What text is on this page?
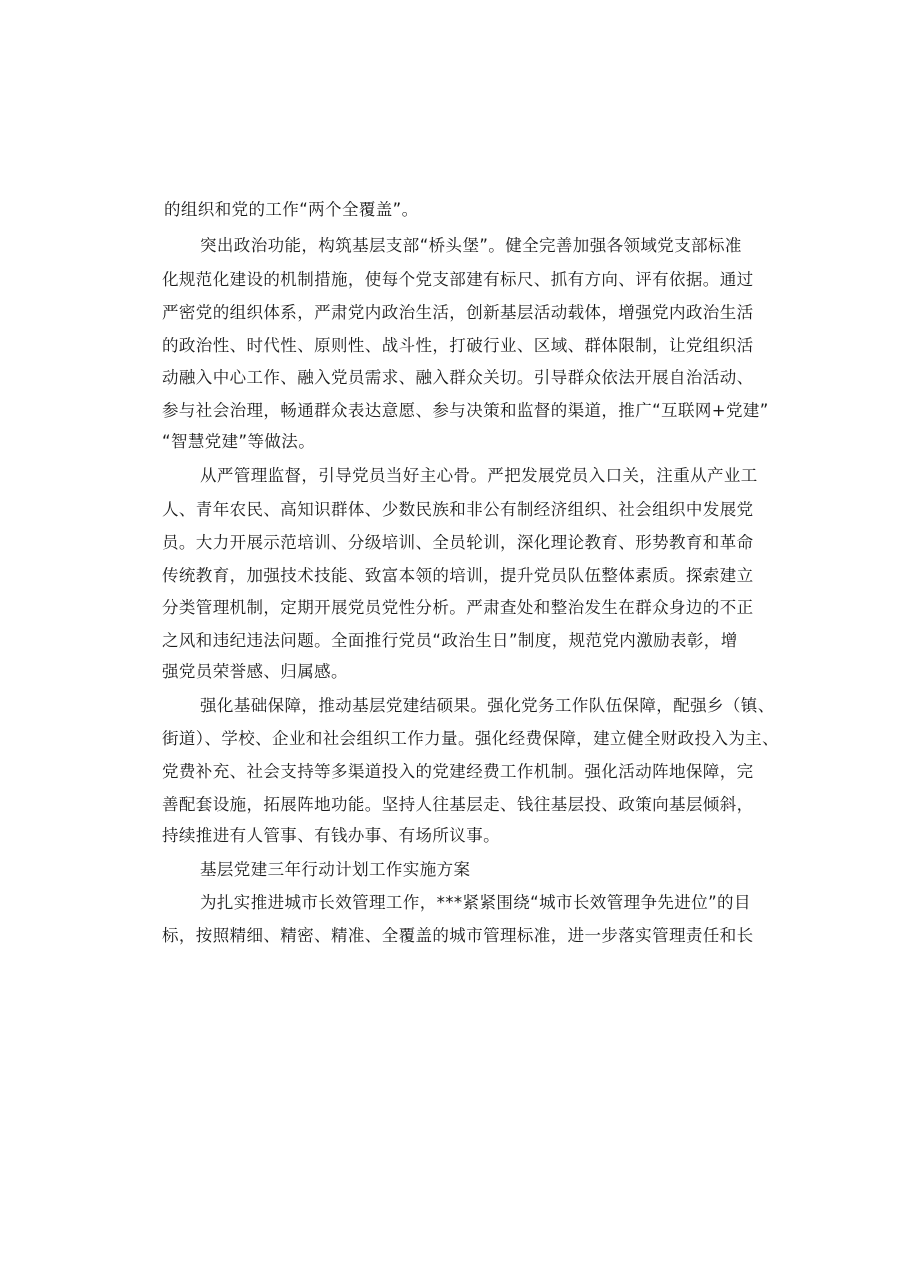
的组织和党的工作“两个全覆盖”。
突出政治功能，构筑基层支部“桥头堡”。健全完善加强各领域党支部标准
化规范化建设的机制措施，使每个党支部建有标尺、抓有方向、评有依据。通过
严密党的组织体系，严肃党内政治生活，创新基层活动载体，增强党内政治生活
的政治性、时代性、原则性、战斗性，打破行业、区域、群体限制，让党组织活
动融入中心工作、融入党员需求、融入群众关切。引导群众依法开展自治活动、
参与社会治理，畅通群众表达意愿、参与决策和监督的渠道，推广“互联网+党建”
“智慧党建”等做法。
从严管理监督，引导党员当好主心骨。严把发展党员入口关，注重从产业工
人、青年农民、高知识群体、少数民族和非公有制经济组织、社会组织中发展党
员。大力开展示范培训、分级培训、全员轮训，深化理论教育、形势教育和革命
传统教育，加强技术技能、致富本领的培训，提升党员队伍整体素质。探索建立
分类管理机制，定期开展党员党性分析。严肃查处和整治发生在群众身边的不正
之风和违纪违法问题。全面推行党员“政治生日”制度，规范党内激励表彰，增
强党员荣誉感、归属感。
强化基础保障，推动基层党建结硕果。强化党务工作队伍保障，配强乡（镇、
街道）、学校、企业和社会组织工作力量。强化经费保障，建立健全财政投入为主、
党费补充、社会支持等多渠道投入的党建经费工作机制。强化活动阵地保障，完
善配套设施，拓展阵地功能。坚持人往基层走、钱往基层投、政策向基层倾斜，
持续推进有人管事、有钱办事、有场所议事。
基层党建三年行动计划工作实施方案
为扎实推进城市长效管理工作，***紧紧围绕“城市长效管理争先进位”的目
标，按照精细、精密、精准、全覆盖的城市管理标准，进一步落实管理责任和长
